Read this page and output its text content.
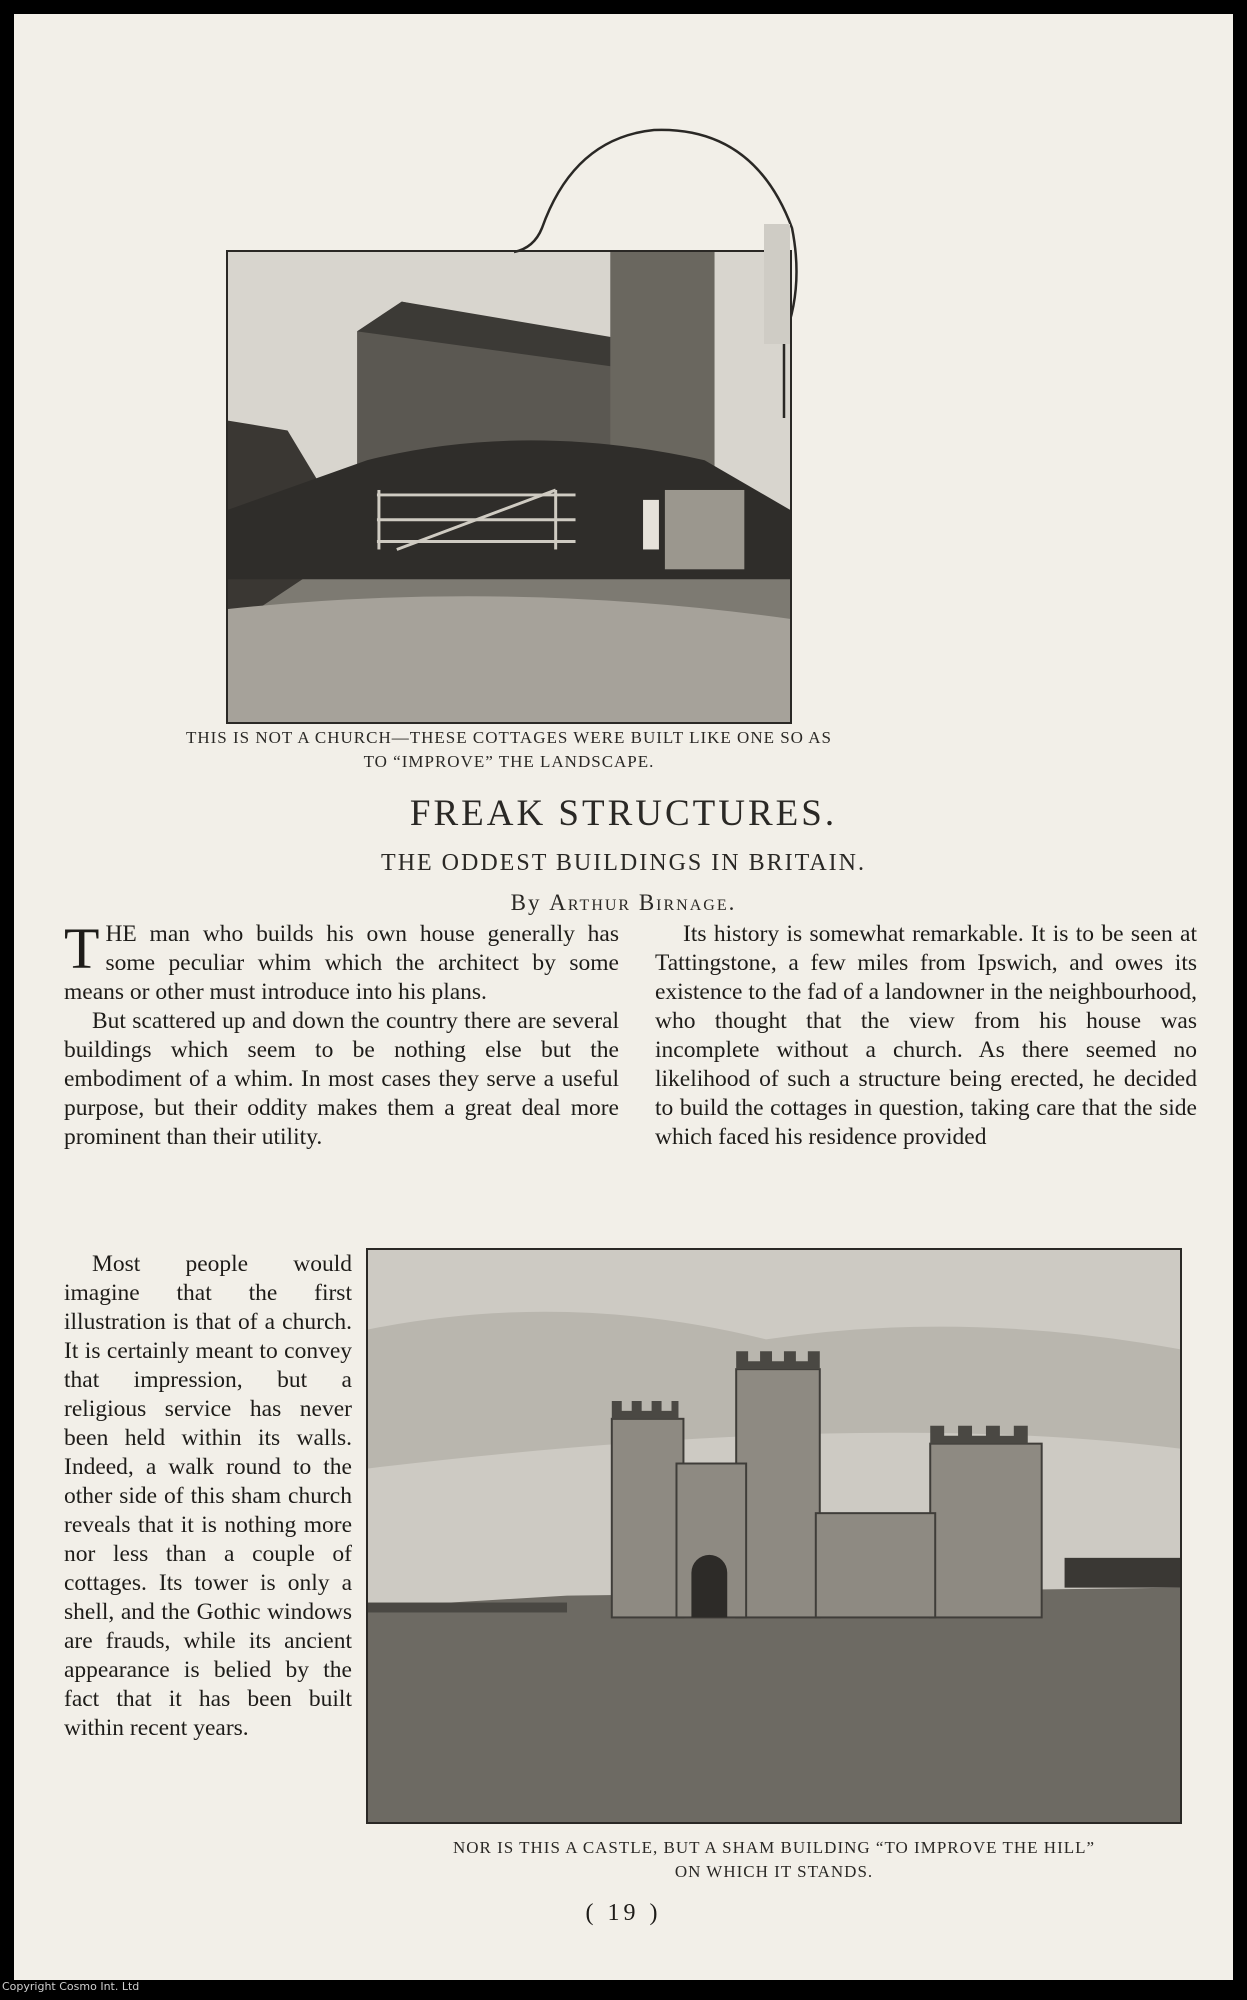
THIS IS NOT A CHURCH—THESE COTTAGES WERE BUILT LIKE ONE SO AS
TO “IMPROVE” THE LANDSCAPE.
FREAK STRUCTURES.
THE ODDEST BUILDINGS IN BRITAIN.
By Arthur Birnage.

THE man who builds his own house generally has some peculiar whim which the architect by some means or other must introduce into his plans.

But scattered up and down the country there are several buildings which seem to be nothing else but the embodiment of a whim. In most cases they serve a useful purpose, but their oddity makes them a great deal more prominent than their utility.

Its history is somewhat remarkable. It is to be seen at Tattingstone, a few miles from Ipswich, and owes its existence to the fad of a landowner in the neighbourhood, who thought that the view from his house was incomplete without a church. As there seemed no likelihood of such a structure being erected, he decided to build the cottages in question, taking care that the side which faced his residence provided

Most people would imagine that the first illustration is that of a church. It is certainly meant to convey that impression, but a religious service has never been held within its walls. Indeed, a walk round to the other side of this sham church reveals that it is nothing more nor less than a couple of cottages. Its tower is only a shell, and the Gothic windows are frauds, while its ancient appearance is belied by the fact that it has been built within recent years.

NOR IS THIS A CASTLE, BUT A SHAM BUILDING “TO IMPROVE THE HILL”
ON WHICH IT STANDS.
( 19 )
Copyright Cosmo Int. Ltd
